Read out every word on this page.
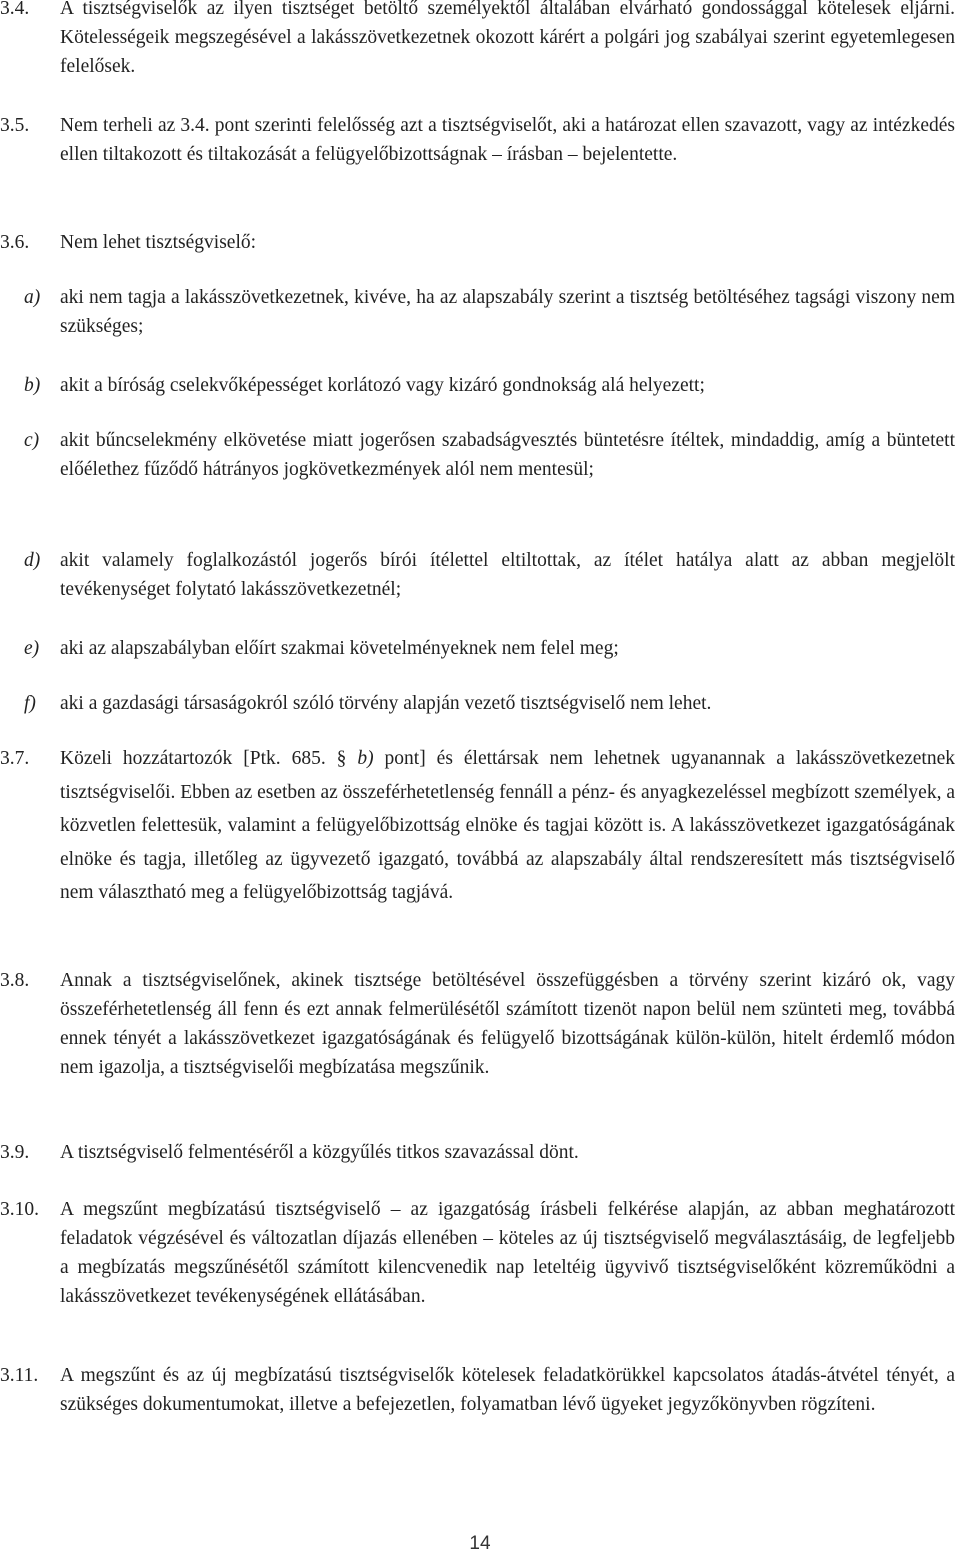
3.4. A tisztségviselők az ilyen tisztséget betöltő személyektől általában elvárható gondossággal kötelesek eljárni. Kötelességeik megszegésével a lakásszövetkezetnek okozott kárért a polgári jog szabályai szerint egyetemlegesen felelősek.
3.5. Nem terheli az 3.4. pont szerinti felelősség azt a tisztségviselőt, aki a határozat ellen szavazott, vagy az intézkedés ellen tiltakozott és tiltakozását a felügyelőbizottságnak – írásban – bejelentette.
3.6. Nem lehet tisztségviselő:
a) aki nem tagja a lakásszövetkezetnek, kivéve, ha az alapszabály szerint a tisztség betöltéséhez tagsági viszony nem szükséges;
b) akit a bíróság cselekvőképességet korlátozó vagy kizáró gondnokság alá helyezett;
c) akit bűncselekmény elkövetése miatt jogerősen szabadságvesztés büntetésre ítéltek, mindaddig, amíg a büntetett előélethez fűződő hátrányos jogkövetkezmények alól nem mentesül;
d) akit valamely foglalkozástól jogerős bírói ítélettel eltiltottak, az ítélet hatálya alatt az abban megjelölt tevékenységet folytató lakásszövetkezetnél;
e) aki az alapszabályban előírt szakmai követelményeknek nem felel meg;
f) aki a gazdasági társaságokról szóló törvény alapján vezető tisztségviselő nem lehet.
3.7. Közeli hozzátartozók [Ptk. 685. § b) pont] és élettársak nem lehetnek ugyanannak a lakásszövetkezetnek tisztségviselői. Ebben az esetben az összeférhetetlenség fennáll a pénz- és anyagkezeléssel megbízott személyek, a közvetlen felettesük, valamint a felügyelőbizottság elnöke és tagjai között is. A lakásszövetkezet igazgatóságának elnöke és tagja, illetőleg az ügyvezető igazgató, továbbá az alapszabály által rendszeresített más tisztségviselő nem választható meg a felügyelőbizottság tagjává.
3.8. Annak a tisztségviselőnek, akinek tisztsége betöltésével összefüggésben a törvény szerint kizáró ok, vagy összeférhetetlenség áll fenn és ezt annak felmerülésétől számított tizenöt napon belül nem szünteti meg, továbbá ennek tényét a lakásszövetkezet igazgatóságának és felügyelő bizottságának külön-külön, hitelt érdemlő módon nem igazolja, a tisztségviselői megbízatása megszűnik.
3.9. A tisztségviselő felmentéséről a közgyűlés titkos szavazással dönt.
3.10. A megszűnt megbízatású tisztségviselő – az igazgatóság írásbeli felkérése alapján, az abban meghatározott feladatok végzésével és változatlan díjazás ellenében – köteles az új tisztségviselő megválasztásáig, de legfeljebb a megbízatás megszűnésétől számított kilencvenedik nap leteltéig ügyvivő tisztségviselőként közreműködni a lakásszövetkezet tevékenységének ellátásában.
3.11. A megszűnt és az új megbízatású tisztségviselők kötelesek feladatkörükkel kapcsolatos átadás-átvétel tényét, a szükséges dokumentumokat, illetve a befejezetlen, folyamatban lévő ügyeket jegyzőkönyvben rögzíteni.
14
